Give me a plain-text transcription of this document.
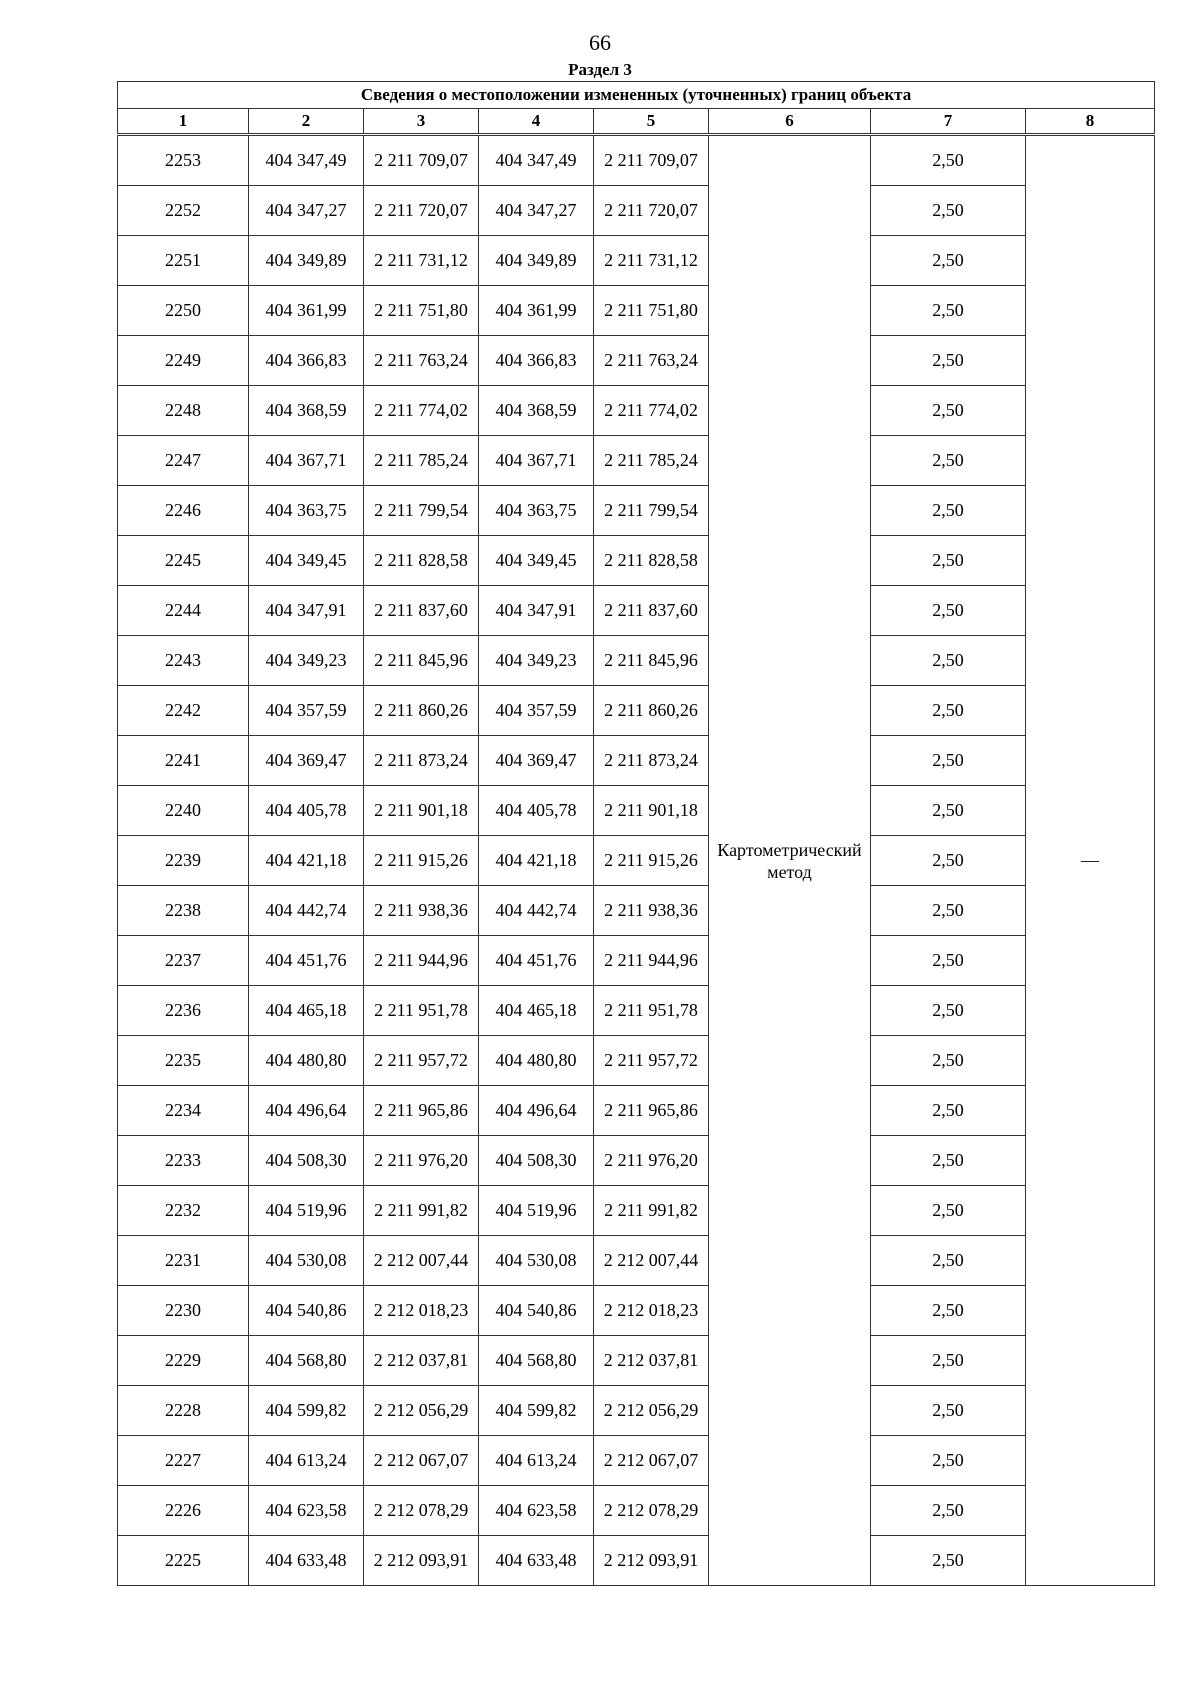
66
Раздел 3
Сведения о местоположении измененных (уточненных) границ объекта							
1	2	3	4	5	6	7	8
2253	404 347,49	2 211 709,07	404 347,49	2 211 709,07	Картометрический метод	2,50	—
2252	404 347,27	2 211 720,07	404 347,27	2 211 720,07		2,50	
2251	404 349,89	2 211 731,12	404 349,89	2 211 731,12		2,50	
2250	404 361,99	2 211 751,80	404 361,99	2 211 751,80		2,50	
2249	404 366,83	2 211 763,24	404 366,83	2 211 763,24		2,50	
2248	404 368,59	2 211 774,02	404 368,59	2 211 774,02		2,50	
2247	404 367,71	2 211 785,24	404 367,71	2 211 785,24		2,50	
2246	404 363,75	2 211 799,54	404 363,75	2 211 799,54		2,50	
2245	404 349,45	2 211 828,58	404 349,45	2 211 828,58		2,50	
2244	404 347,91	2 211 837,60	404 347,91	2 211 837,60		2,50	
2243	404 349,23	2 211 845,96	404 349,23	2 211 845,96		2,50	
2242	404 357,59	2 211 860,26	404 357,59	2 211 860,26		2,50	
2241	404 369,47	2 211 873,24	404 369,47	2 211 873,24		2,50	
2240	404 405,78	2 211 901,18	404 405,78	2 211 901,18		2,50	
2239	404 421,18	2 211 915,26	404 421,18	2 211 915,26		2,50	
2238	404 442,74	2 211 938,36	404 442,74	2 211 938,36		2,50	
2237	404 451,76	2 211 944,96	404 451,76	2 211 944,96		2,50	
2236	404 465,18	2 211 951,78	404 465,18	2 211 951,78		2,50	
2235	404 480,80	2 211 957,72	404 480,80	2 211 957,72		2,50	
2234	404 496,64	2 211 965,86	404 496,64	2 211 965,86		2,50	
2233	404 508,30	2 211 976,20	404 508,30	2 211 976,20		2,50	
2232	404 519,96	2 211 991,82	404 519,96	2 211 991,82		2,50	
2231	404 530,08	2 212 007,44	404 530,08	2 212 007,44		2,50	
2230	404 540,86	2 212 018,23	404 540,86	2 212 018,23		2,50	
2229	404 568,80	2 212 037,81	404 568,80	2 212 037,81		2,50	
2228	404 599,82	2 212 056,29	404 599,82	2 212 056,29		2,50	
2227	404 613,24	2 212 067,07	404 613,24	2 212 067,07		2,50	
2226	404 623,58	2 212 078,29	404 623,58	2 212 078,29		2,50	
2225	404 633,48	2 212 093,91	404 633,48	2 212 093,91		2,50	
